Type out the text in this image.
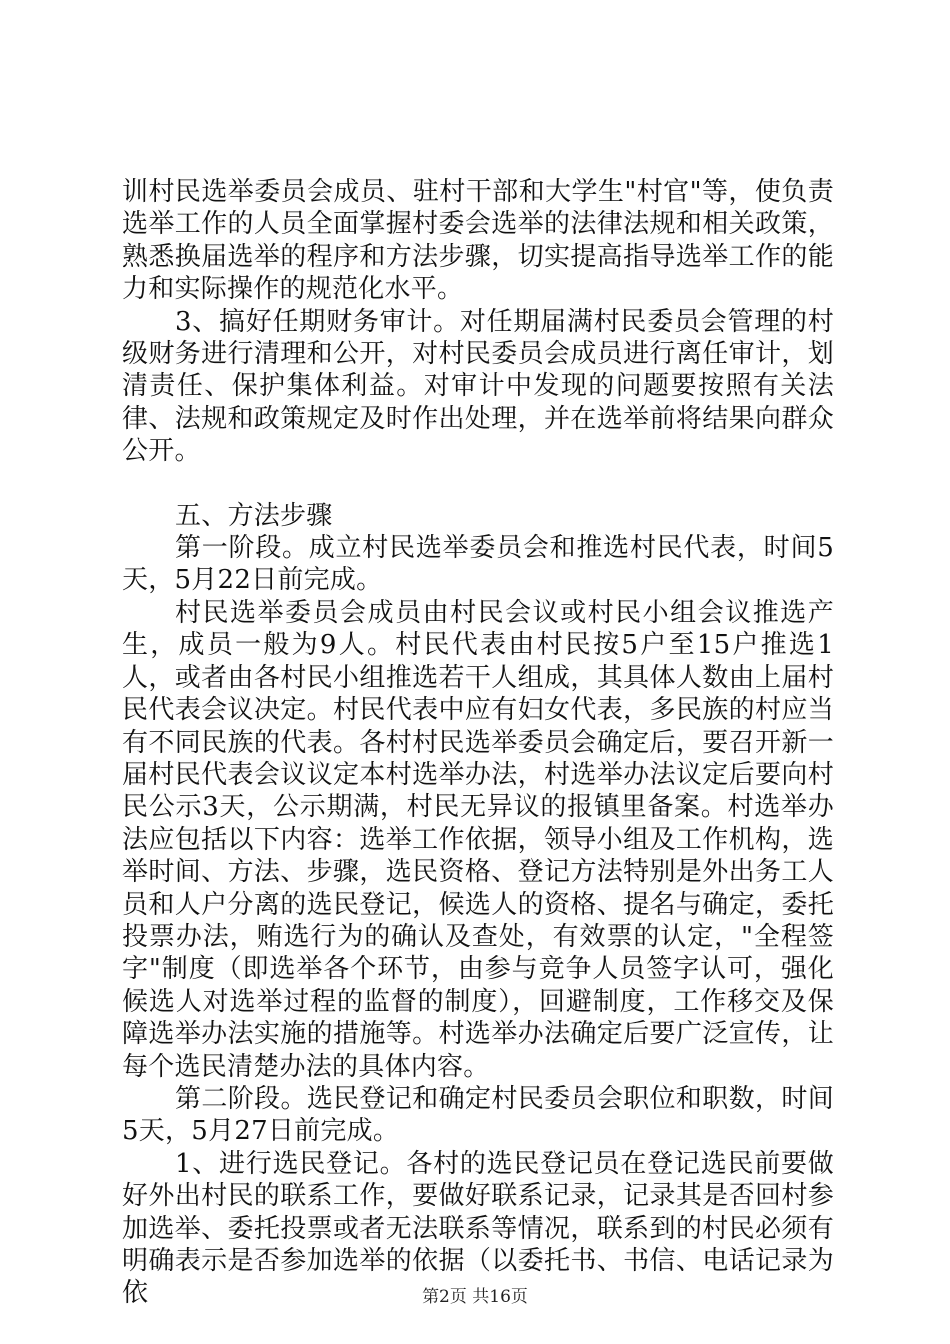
训村民选举委员会成员、驻村干部和大学生"村官"等，使负责选举工作的人员全面掌握村委会选举的法律法规和相关政策，熟悉换届选举的程序和方法步骤，切实提高指导选举工作的能力和实际操作的规范化水平。

3、搞好任期财务审计。对任期届满村民委员会管理的村级财务进行清理和公开，对村民委员会成员进行离任审计，划清责任、保护集体利益。对审计中发现的问题要按照有关法律、法规和政策规定及时作出处理，并在选举前将结果向群众公开。

五、方法步骤

第一阶段。成立村民选举委员会和推选村民代表，时间5天，5月22日前完成。

村民选举委员会成员由村民会议或村民小组会议推选产生，成员一般为9人。村民代表由村民按5户至15户推选1人，或者由各村民小组推选若干人组成，其具体人数由上届村民代表会议决定。村民代表中应有妇女代表，多民族的村应当有不同民族的代表。各村村民选举委员会确定后，要召开新一届村民代表会议议定本村选举办法，村选举办法议定后要向村民公示3天，公示期满，村民无异议的报镇里备案。村选举办法应包括以下内容：选举工作依据，领导小组及工作机构，选举时间、方法、步骤，选民资格、登记方法特别是外出务工人员和人户分离的选民登记，候选人的资格、提名与确定，委托投票办法，贿选行为的确认及查处，有效票的认定，"全程签字"制度（即选举各个环节，由参与竞争人员签字认可，强化候选人对选举过程的监督的制度），回避制度，工作移交及保障选举办法实施的措施等。村选举办法确定后要广泛宣传，让每个选民清楚办法的具体内容。

第二阶段。选民登记和确定村民委员会职位和职数，时间5天，5月27日前完成。

1、进行选民登记。各村的选民登记员在登记选民前要做好外出村民的联系工作，要做好联系记录，记录其是否回村参加选举、委托投票或者无法联系等情况，联系到的村民必须有明确表示是否参加选举的依据（以委托书、书信、电话记录为依	第2页 共16页
